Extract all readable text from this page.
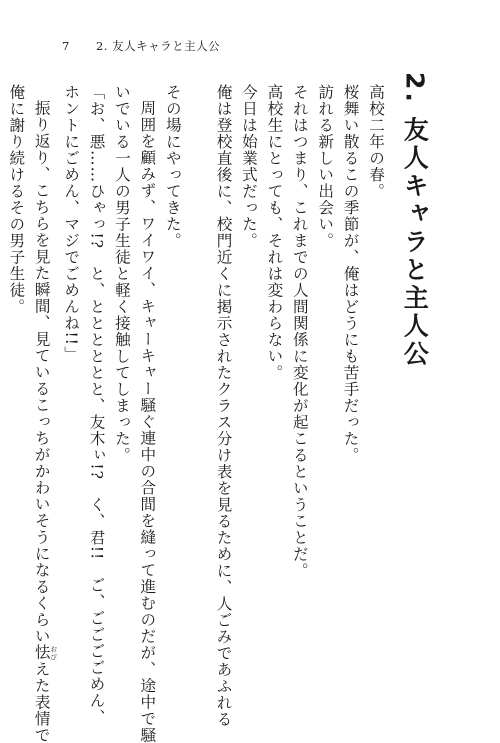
7 2. 友人キャラと主人公
2. 友人キャラと主人公

高校二年の春。

桜舞い散るこの季節が、俺はどうにも苦手だった。

訪れる新しい出会い。

それはつまり、これまでの人間関係に変化が起こるということだ。

高校生にとっても、それは変わらない。

今日は始業式だった。

俺は登校直後に、校門近くに掲示されたクラス分け表を見るために、人ごみであふれる

その場にやってきた。

周囲を顧みず、ワイワイ、キャーキャー騒ぐ連中の合間を縫って進むのだが、途中で騒

いでいる一人の男子生徒と軽く接触してしまった。

「お、悪……ひゃっ!?　と、とととととと、友木ぃ!?　く、君!!　ご、ごごごごめん、

ホントにごめん、マジでごめんね!!」

振り返り、こちらを見た瞬間、見ているこっちがかわいそうになるくらい怯 おびえた表情で

俺に謝り続けるその男子生徒。
